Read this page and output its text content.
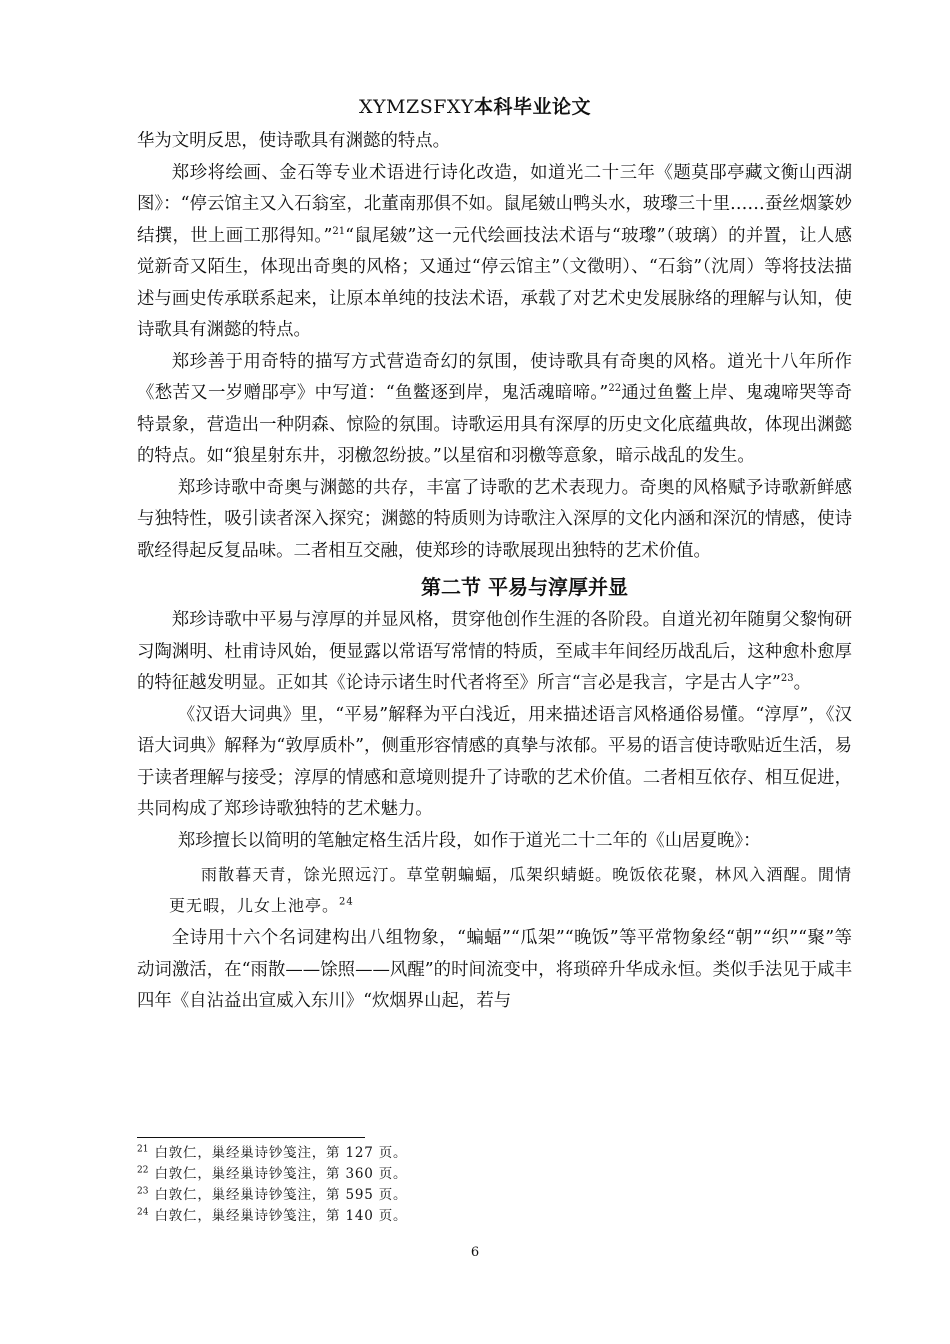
XYMZSFXY本科毕业论文

华为文明反思，使诗歌具有渊懿的特点。

郑珍将绘画、金石等专业术语进行诗化改造，如道光二十三年《题莫郘亭藏文衡山西湖图》：“停云馆主又入石翁室，北董南那俱不如。鼠尾皴山鸭头水，玻瓈三十里……蚕丝烟篆妙结撰，世上画工那得知。”$^{21}$“鼠尾皴”这一元代绘画技法术语与“玻瓈”（玻璃）的并置，让人感觉新奇又陌生，体现出奇奥的风格；又通过“停云馆主”（文徵明）、“石翁”（沈周）等将技法描述与画史传承联系起来，让原本单纯的技法术语，承载了对艺术史发展脉络的理解与认知，使诗歌具有渊懿的特点。

郑珍善于用奇特的描写方式营造奇幻的氛围，使诗歌具有奇奥的风格。道光十八年所作《愁苦又一岁赠郘亭》中写道：“鱼鳖逐到岸，鬼活魂暗啼。”$^{22}$通过鱼鳖上岸、鬼魂啼哭等奇特景象，营造出一种阴森、惊险的氛围。诗歌运用具有深厚的历史文化底蕴典故，体现出渊懿的特点。如“狼星射东井，羽檄忽纷披。”以星宿和羽檄等意象，暗示战乱的发生。

郑珍诗歌中奇奥与渊懿的共存，丰富了诗歌的艺术表现力。奇奥的风格赋予诗歌新鲜感与独特性，吸引读者深入探究；渊懿的特质则为诗歌注入深厚的文化内涵和深沉的情感，使诗歌经得起反复品味。二者相互交融，使郑珍的诗歌展现出独特的艺术价值。

第二节 平易与淳厚并显

郑珍诗歌中平易与淳厚的并显风格，贯穿他创作生涯的各阶段。自道光初年随舅父黎恂研习陶渊明、杜甫诗风始，便显露以常语写常情的特质，至咸丰年间经历战乱后，这种愈朴愈厚的特征越发明显。正如其《论诗示诸生时代者将至》所言“言必是我言，字是古人字”$^{23}$。

《汉语大词典》里，“平易”解释为平白浅近，用来描述语言风格通俗易懂。“淳厚”，《汉语大词典》解释为“敦厚质朴”，侧重形容情感的真挚与浓郁。平易的语言使诗歌贴近生活，易于读者理解与接受；淳厚的情感和意境则提升了诗歌的艺术价值。二者相互依存、相互促进，共同构成了郑珍诗歌独特的艺术魅力。

郑珍擅长以简明的笔触定格生活片段，如作于道光二十二年的《山居夏晚》：

雨散暮天青，馀光照远汀。草堂朝蝙蝠，瓜架织蜻蜓。晚饭依花聚，林风入酒醒。閒情更无暇，儿女上池亭。$^{24}$

全诗用十六个名词建构出八组物象，“蝙蝠”“瓜架”“晚饭”等平常物象经“朝”“织”“聚”等动词激活，在“雨散——馀照——风醒”的时间流变中，将琐碎升华成永恒。类似手法见于咸丰四年《自沾益出宣威入东川》“炊烟界山起，若与

$^{21}$ 白敦仁，巢经巢诗钞笺注，第 127 页。
$^{22}$ 白敦仁，巢经巢诗钞笺注，第 360 页。
$^{23}$ 白敦仁，巢经巢诗钞笺注，第 595 页。
$^{24}$ 白敦仁，巢经巢诗钞笺注，第 140 页。
6
